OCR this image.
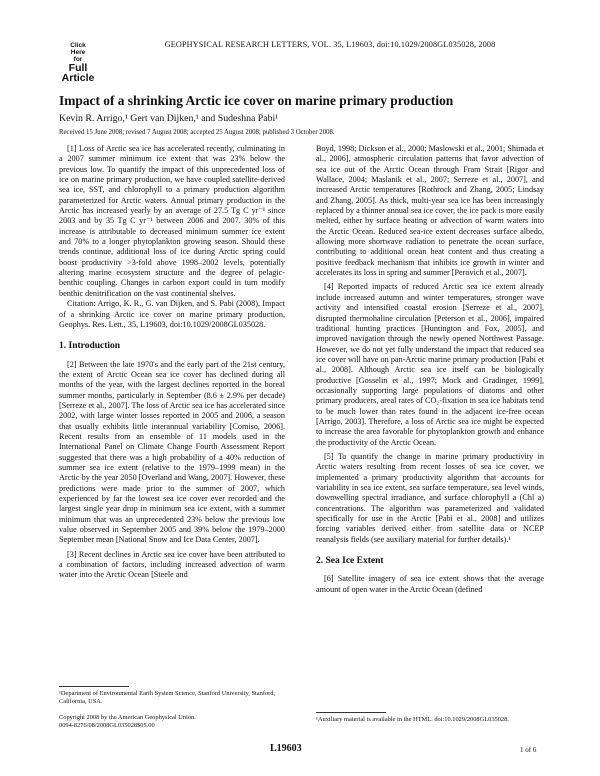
GEOPHYSICAL RESEARCH LETTERS, VOL. 35, L19603, doi:10.1029/2008GL035028, 2008
Click
Here
for
Full
Article
Impact of a shrinking Arctic ice cover on marine primary production
Kevin R. Arrigo,¹ Gert van Dijken,¹ and Sudeshna Pabi¹
Received 15 June 2008; revised 7 August 2008; accepted 25 August 2008; published 3 October 2008.

[1] Loss of Arctic sea ice has accelerated recently, culminating in a 2007 summer minimum ice extent that was 23% below the previous low. To quantify the impact of this unprecedented loss of ice on marine primary production, we have coupled satellite-derived sea ice, SST, and chlorophyll to a primary production algorithm parameterized for Arctic waters. Annual primary production in the Arctic has increased yearly by an average of 27.5 Tg C yr⁻¹ since 2003 and by 35 Tg C yr⁻¹ between 2006 and 2007. 30% of this increase is attributable to decreased minimum summer ice extent and 70% to a longer phytoplankton growing season. Should these trends continue, additional loss of ice during Arctic spring could boost productivity >3-fold above 1998–2002 levels, potentially altering marine ecosystem structure and the degree of pelagic-benthic coupling. Changes in carbon export could in turn modify benthic denitrification on the vast continental shelves.

Citation: Arrigo, K. R., G. van Dijken, and S. Pabi (2008), Impact of a shrinking Arctic ice cover on marine primary production, Geophys. Res. Lett., 35, L19603, doi:10.1029/2008GL035028.

1. Introduction

[2] Between the late 1970's and the early part of the 21st century, the extent of Arctic Ocean sea ice cover has declined during all months of the year, with the largest declines reported in the boreal summer months, particularly in September (8.6 ± 2.9% per decade) [Serreze et al., 2007]. The loss of Arctic sea ice has accelerated since 2002, with large winter losses reported in 2005 and 2006, a season that usually exhibits little interannual variability [Comiso, 2006]. Recent results from an ensemble of 11 models used in the International Panel on Climate Change Fourth Assessment Report suggested that there was a high probability of a 40% reduction of summer sea ice extent (relative to the 1979–1999 mean) in the Arctic by the year 2050 [Overland and Wang, 2007]. However, these predictions were made prior to the summer of 2007, which experienced by far the lowest sea ice cover ever recorded and the largest single year drop in minimum sea ice extent, with a summer minimum that was an unprecedented 23% below the previous low value observed in September 2005 and 39% below the 1979–2000 September mean [National Snow and Ice Data Center, 2007].

[3] Recent declines in Arctic sea ice cover have been attributed to a combination of factors, including increased advection of warm water into the Arctic Ocean [Steele and

Boyd, 1998; Dickson et al., 2000; Maslowski et al., 2001; Shimada et al., 2006], atmospheric circulation patterns that favor advection of sea ice out of the Arctic Ocean through Fram Strait [Rigor and Wallace, 2004; Maslanik et al., 2007; Serreze et al., 2007], and increased Arctic temperatures [Rothrock and Zhang, 2005; Lindsay and Zhang, 2005]. As thick, multi-year sea ice has been increasingly replaced by a thinner annual sea ice cover, the ice pack is more easily melted, either by surface heating or advection of warm waters into the Arctic Ocean. Reduced sea-ice extent decreases surface albedo, allowing more shortwave radiation to penetrate the ocean surface, contributing to additional ocean heat content and thus creating a positive feedback mechanism that inhibits ice growth in winter and accelerates its loss in spring and summer [Perovich et al., 2007].

[4] Reported impacts of reduced Arctic sea ice extent already include increased autumn and winter temperatures, stronger wave activity and intensified coastal erosion [Serreze et al., 2007], disrupted thermohaline circulation [Peterson et al., 2006], impaired traditional hunting practices [Huntington and Fox, 2005], and improved navigation through the newly opened Northwest Passage. However, we do not yet fully understand the impact that reduced sea ice cover will have on pan-Arctic marine primary production [Pabi et al., 2008]. Although Arctic sea ice itself can be biologically productive [Gosselin et al., 1997; Mock and Gradinger, 1999], occasionally supporting large populations of diatoms and other primary producers, areal rates of CO₂-fixation in sea ice habitats tend to be much lower than rates found in the adjacent ice-free ocean [Arrigo, 2003]. Therefore, a loss of Arctic sea ice might be expected to increase the area favorable for phytoplankton growth and enhance the productivity of the Arctic Ocean.

[5] To quantify the change in marine primary productivity in Arctic waters resulting from recent losses of sea ice cover, we implemented a primary productivity algorithm that accounts for variability in sea ice extent, sea surface temperature, sea level winds, downwelling spectral irradiance, and surface chlorophyll a (Chl a) concentrations. The algorithm was parameterized and validated specifically for use in the Arctic [Pabi et al., 2008] and utilizes forcing variables derived either from satellite data or NCEP reanalysis fields (see auxiliary material for further details).¹

2. Sea Ice Extent

[6] Satellite imagery of sea ice extent shows that the average amount of open water in the Arctic Ocean (defined

¹Department of Environmental Earth System Science, Stanford University, Stanford, California, USA.
Copyright 2008 by the American Geophysical Union.
0094-8276/08/2008GL035028$05.00
¹Auxiliary material is available in the HTML. doi:10.1029/2008GL035028.
L19603	1 of 6
